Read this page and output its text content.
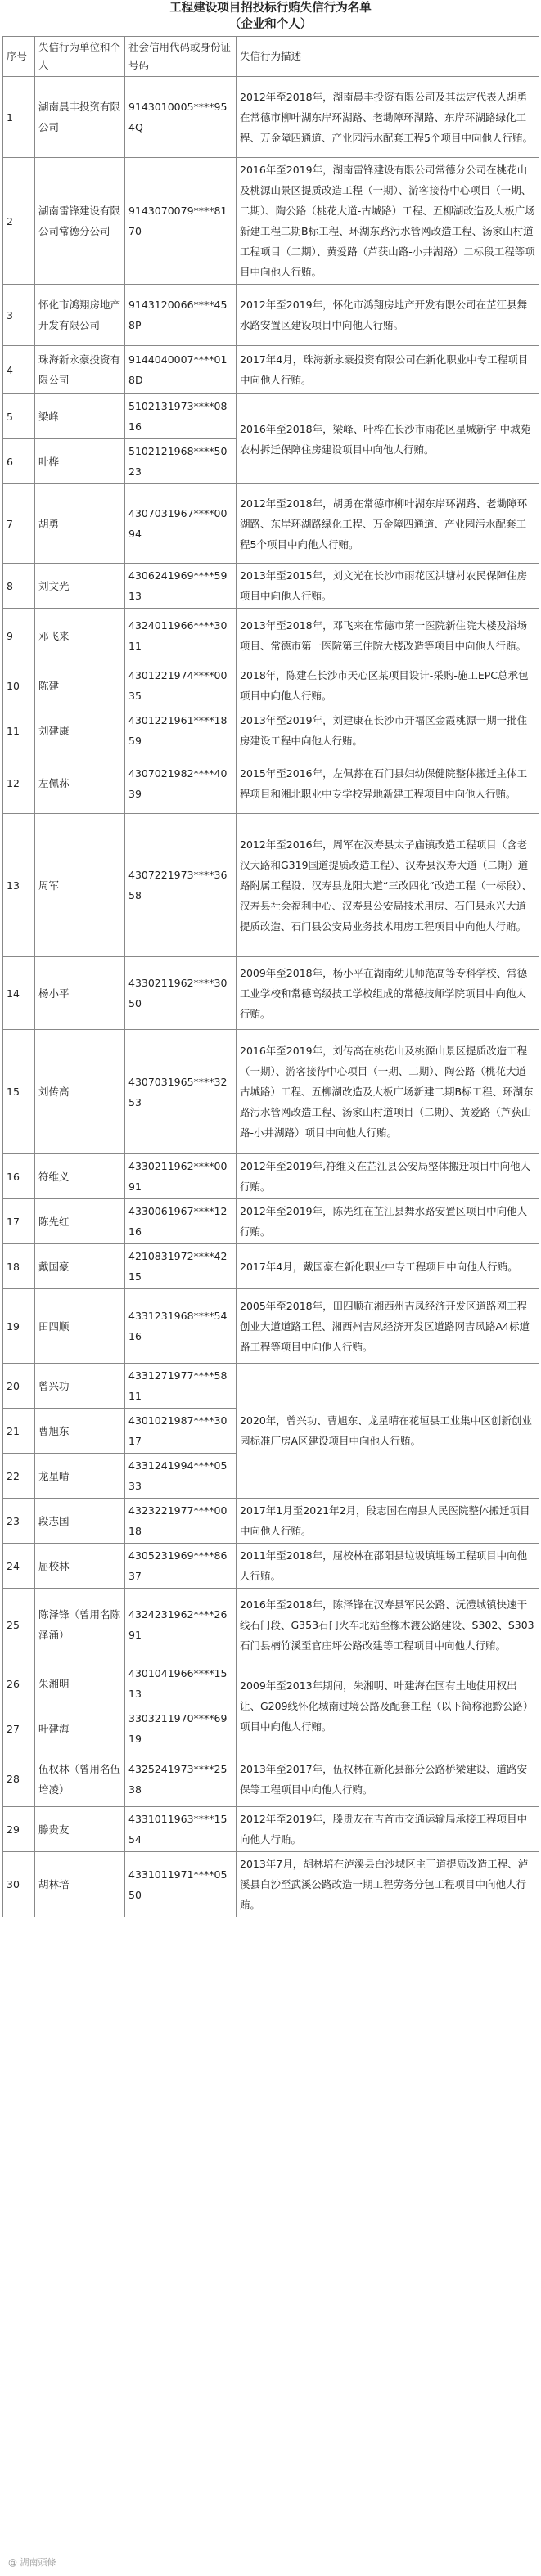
工程建设项目招投标行贿失信行为名单
（企业和个人）
序号	失信行为单位和个人	社会信用代码或身份证号码	失信行为描述
1	湖南晨丰投资有限公司	9143010005****954Q	2012年至2018年，湖南晨丰投资有限公司及其法定代表人胡勇在常德市柳叶湖东岸环湖路、老墈障环湖路、东岸环湖路绿化工程、万金障四通道、产业园污水配套工程5个项目中向他人行贿。
2	湖南雷锋建设有限公司常德分公司	9143070079****8170	2016年至2019年，湖南雷锋建设有限公司常德分公司在桃花山及桃源山景区提质改造工程（一期）、游客接待中心项目（一期、二期）、陶公路（桃花大道-古城路）工程、五柳湖改造及大板广场新建工程二期B标工程、环湖东路污水管网改造工程、汤家山村道工程项目（二期）、黄爱路（芦获山路-小井湖路）二标段工程等项目中向他人行贿。
3	怀化市鸿翔房地产开发有限公司	9143120066****458P	2012年至2019年，怀化市鸿翔房地产开发有限公司在芷江县舞水路安置区建设项目中向他人行贿。
4	珠海新永豪投资有限公司	9144040007****018D	2017年4月，珠海新永豪投资有限公司在新化职业中专工程项目中向他人行贿。
5	梁峰	5102131973****0816	2016年至2018年，梁峰、叶桦在长沙市雨花区星城新宇·中城苑农村拆迁保障住房建设项目中向他人行贿。
6	叶桦	5102121968****5023	
7	胡勇	4307031967****0094	2012年至2018年，胡勇在常德市柳叶湖东岸环湖路、老墈障环湖路、东岸环湖路绿化工程、万金障四通道、产业园污水配套工程5个项目中向他人行贿。
8	刘文光	4306241969****5913	2013年至2015年，刘文光在长沙市雨花区洪塘村农民保障住房项目中向他人行贿。
9	邓飞来	4324011966****3011	2013年至2018年，邓飞来在常德市第一医院新住院大楼及浴场项目、常德市第一医院第三住院大楼改造等项目中向他人行贿。
10	陈建	4301221974****0035	2018年，陈建在长沙市天心区某项目设计-采购-施工EPC总承包项目中向他人行贿。
11	刘建康	4301221961****1859	2013年至2019年，刘建康在长沙市开福区金霞桃源一期一批住房建设工程中向他人行贿。
12	左佩荪	4307021982****4039	2015年至2016年，左佩荪在石门县妇幼保健院整体搬迁主体工程项目和湘北职业中专学校异地新建工程项目中向他人行贿。
13	周军	4307221973****3658	2012年至2016年，周军在汉寿县太子庙镇改造工程项目（含老汉大路和G319国道提质改造工程）、汉寿县汉寿大道（二期）道路附属工程设、汉寿县龙阳大道“三改四化”改造工程（一标段）、汉寿县社会福利中心、汉寿县公安局技术用房、石门县永兴大道提质改造、石门县公安局业务技术用房工程项目中向他人行贿。
14	杨小平	4330211962****3050	2009年至2018年，杨小平在湖南幼儿师范高等专科学校、常德工业学校和常德高级技工学校组成的常德技师学院项目中向他人行贿。
15	刘传高	4307031965****3253	2016年至2019年，刘传高在桃花山及桃源山景区提质改造工程（一期）、游客接待中心项目（一期、二期）、陶公路（桃花大道-古城路）工程、五柳湖改造及大板广场新建二期B标工程、环湖东路污水管网改造工程、汤家山村道项目（二期）、黄爱路（芦获山路-小井湖路）项目中向他人行贿。
16	符维义	4330211962****0091	2012年至2019年,符维义在芷江县公安局整体搬迁项目中向他人行贿。
17	陈先红	4330061967****1216	2012年至2019年，陈先红在芷江县舞水路安置区项目中向他人行贿。
18	戴国豪	4210831972****4215	2017年4月，戴国豪在新化职业中专工程项目中向他人行贿。
19	田四顺	4331231968****5416	2005年至2018年，田四顺在湘西州吉凤经济开发区道路网工程创业大道道路工程、湘西州吉凤经济开发区道路网吉凤路A4标道路工程等项目中向他人行贿。
20	曾兴功	4331271977****5811	2020年，曾兴功、曹旭东、龙星晴在花垣县工业集中区创新创业园标准厂房A区建设项目中向他人行贿。
21	曹旭东	4301021987****3017	
22	龙星晴	4331241994****0533	
23	段志国	4323221977****0018	2017年1月至2021年2月，段志国在南县人民医院整体搬迁项目中向他人行贿。
24	屈校林	4305231969****8637	2011年至2018年，屈校林在邵阳县垃圾填埋场工程项目中向他人行贿。
25	陈泽锋（曾用名陈泽涌）	4324231962****2691	2016年至2018年，陈泽锋在汉寿县军民公路、沅澧城镇快速干线石门段、G353石门火车北站至橡木渡公路建设、S302、S303石门县楠竹溪至官庄坪公路改建等工程项目中向他人行贿。
26	朱湘明	4301041966****1513	2009年至2013年期间，朱湘明、叶建海在国有土地使用权出让、G209线怀化城南过境公路及配套工程（以下简称池黔公路）项目中向他人行贿。
27	叶建海	3303211970****6919	
28	伍权林（曾用名伍培凌）	4325241973****2538	2013年至2017年，伍权林在新化县部分公路桥梁建设、道路安保等工程项目中向他人行贿。
29	滕贵友	4331011963****1554	2012年至2019年，滕贵友在吉首市交通运输局承接工程项目中向他人行贿。
30	胡林培	4331011971****0550	2013年7月，胡林培在泸溪县白沙城区主干道提质改造工程、泸溪县白沙至武溪公路改造一期工程劳务分包工程项目中向他人行贿。
@ 湖南頭條
